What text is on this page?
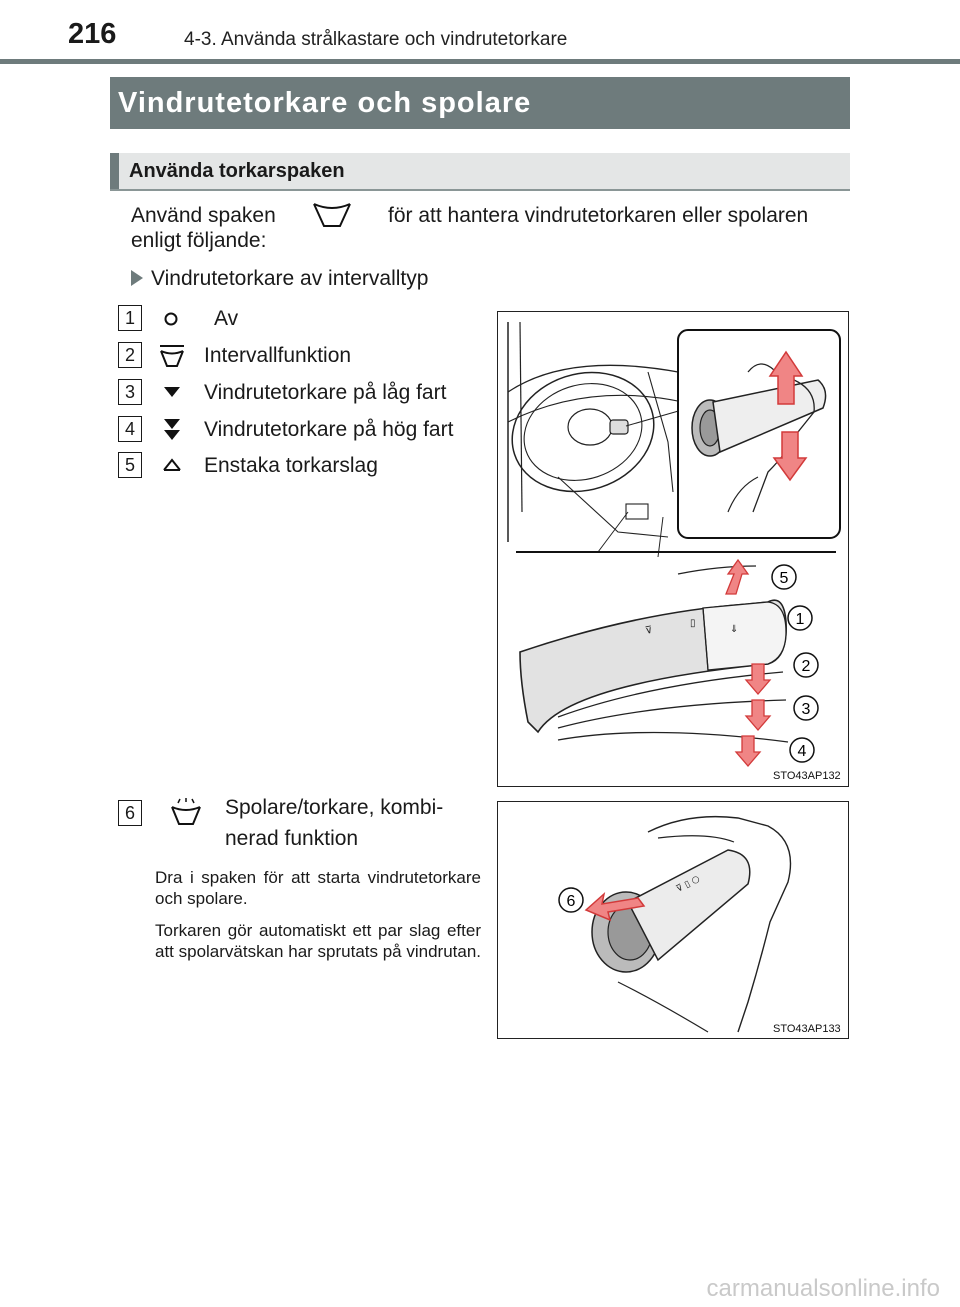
216	4-3. Använda strålkastare och vindrutetorkare
Vindrutetorkare och spolare
Använda torkarspaken
Använd spaken	för att hantera vindrutetorkaren eller spolaren
enligt följande:
Vindrutetorkare av intervalltyp
1	Av
2	Intervallfunktion
3	Vindrutetorkare på låg fart
4	Vindrutetorkare på hög fart
5	Enstaka torkarslag
⊽
▯
⇓
5
1
2
3
4
STO43AP132
6	Spolare/torkare, kombi-
nerad funktion
Dra i spaken för att starta vindrutetorkare och spolare.
Torkaren gör automatiskt ett par slag efter att spolarvätskan har sprutats på vindrutan.
⊽ ▯ ○
6
STO43AP133
carmanualsonline.info
